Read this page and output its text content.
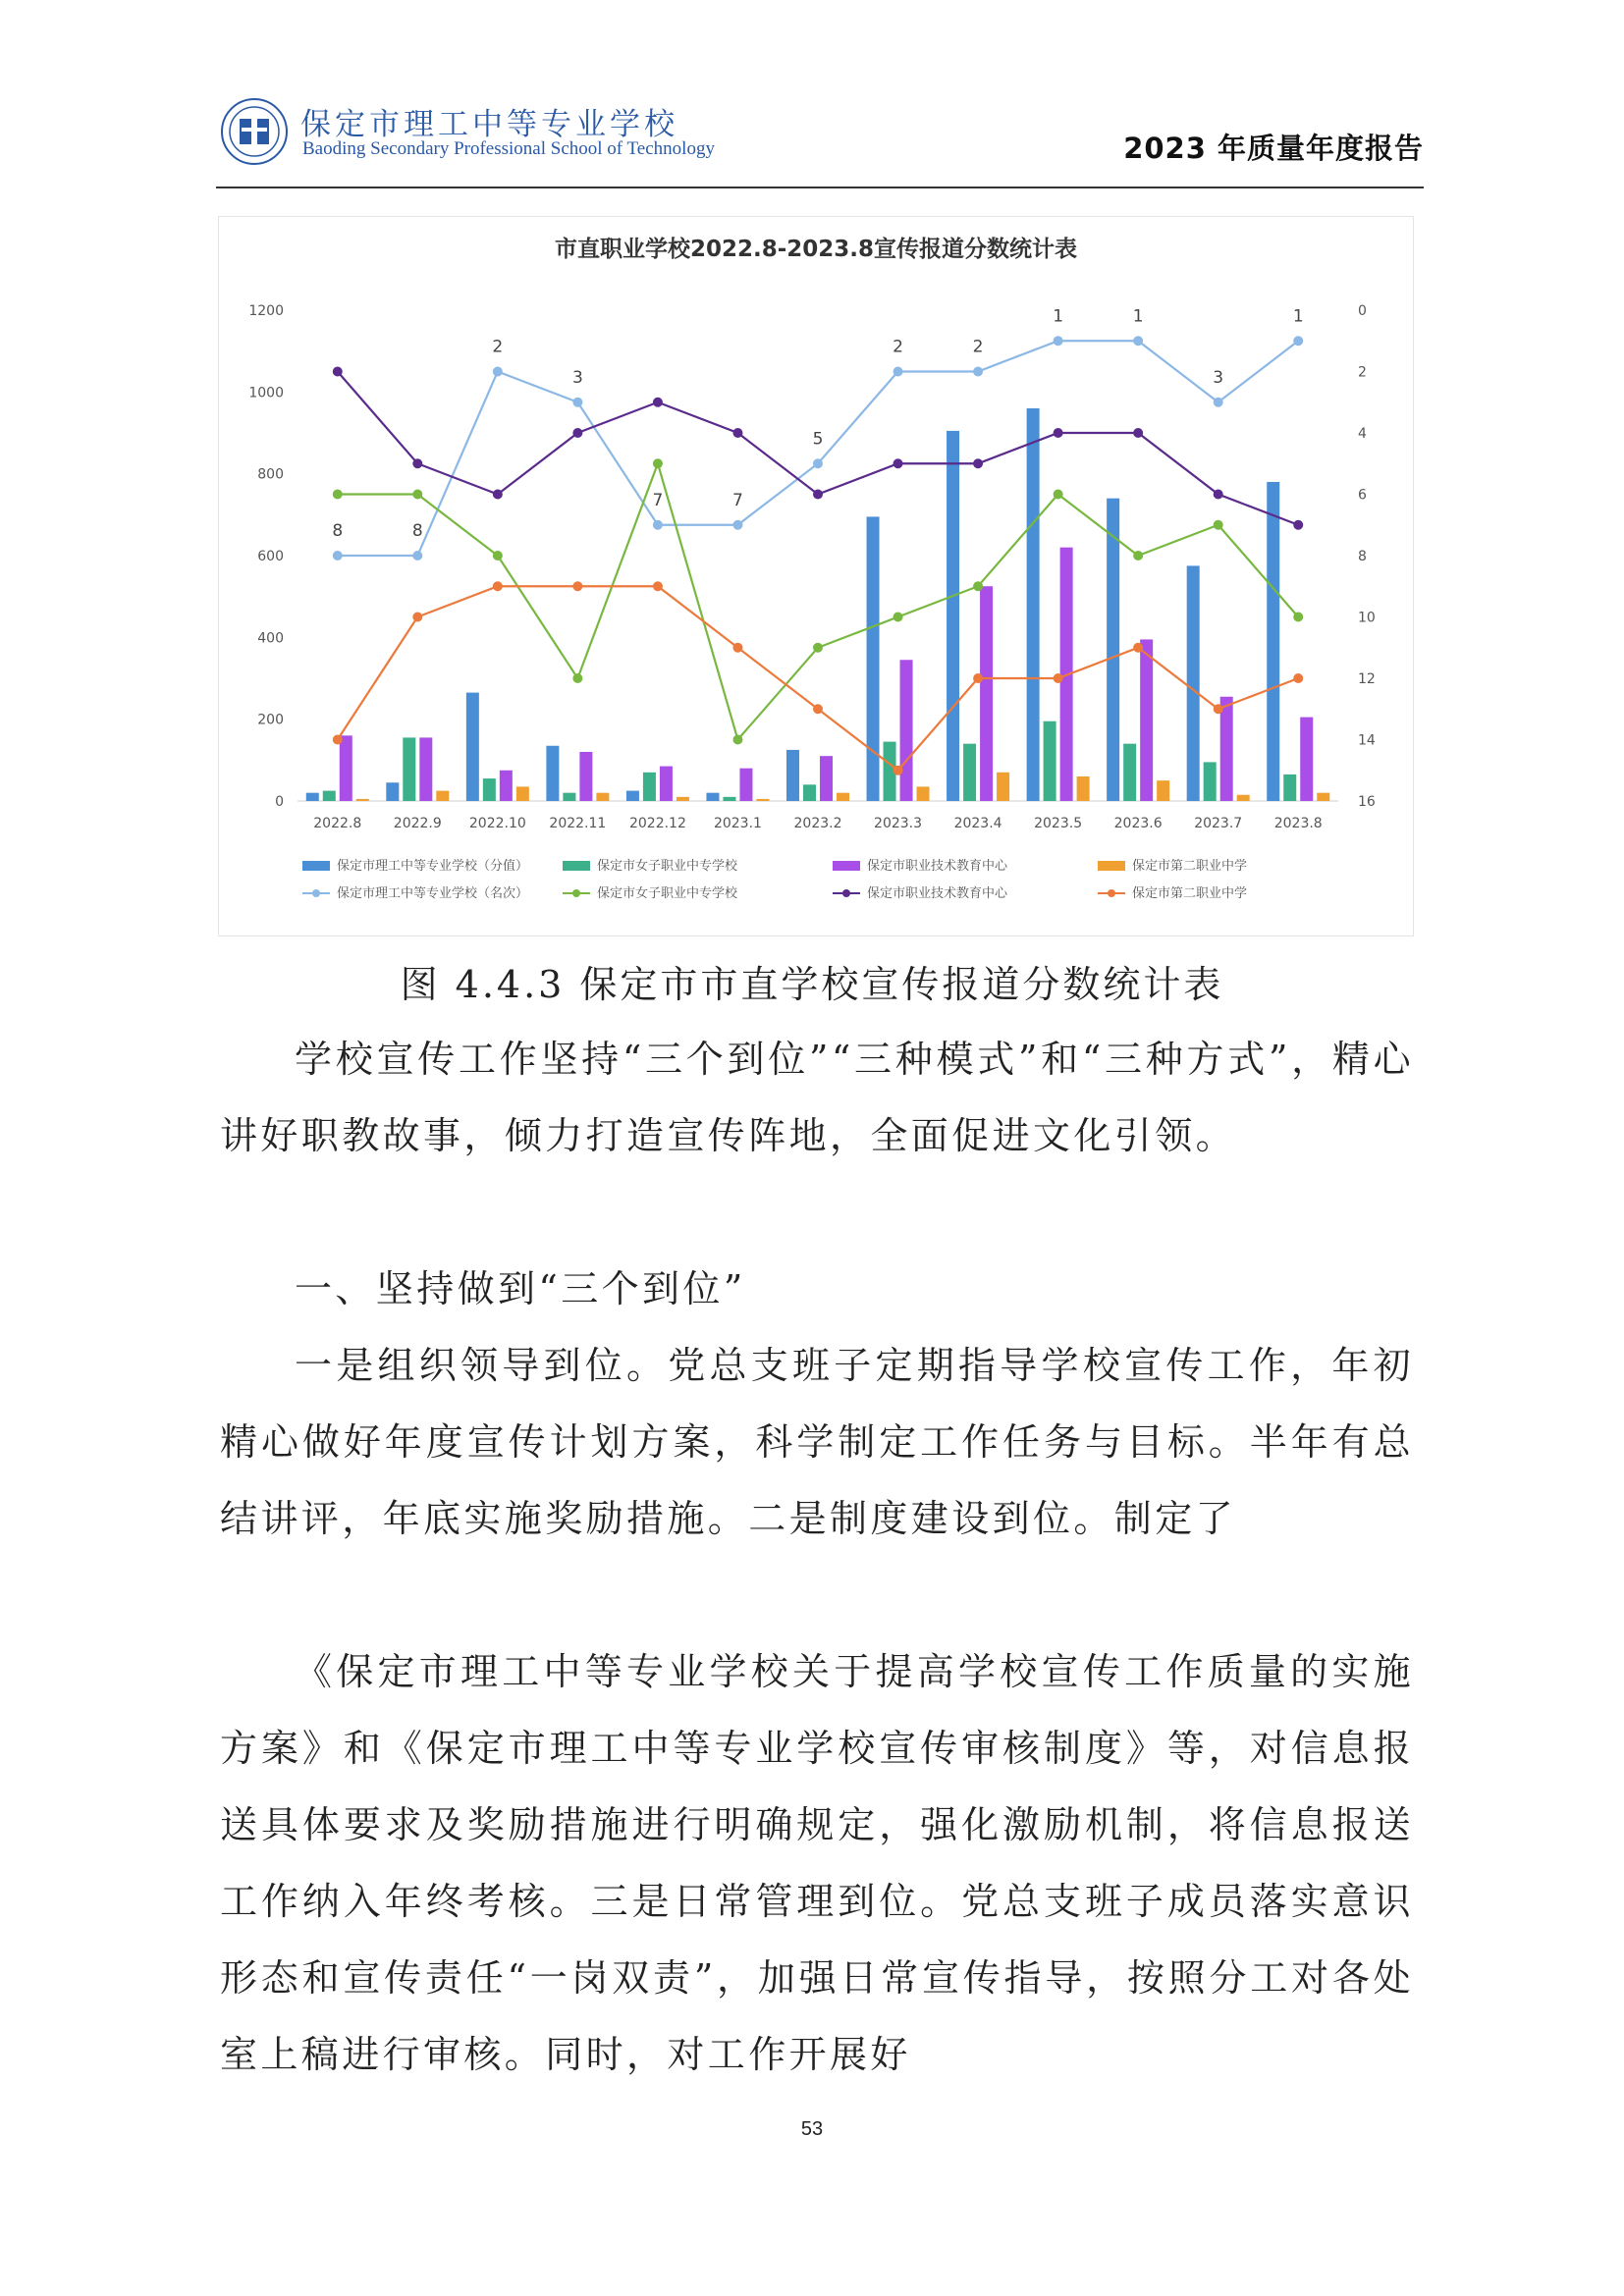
保定市理工中等专业学校
Baoding Secondary Professional School of Technology	2023 年质量年度报告
市直职业学校2022.8-2023.8宣传报道分数统计表
0
200
400
600
800
1000
1200	0
2
4
6
8
10
12
14
16
2022.8 2022.9 2022.10 2022.11 2022.12 2023.1 2023.2 2023.3 2023.4 2023.5 2023.6 2023.7 2023.8
8	8
2
3
7	7
5
2	2
1	1
3
1
保定市理工中等专业学校（分值）	保定市女子职业中专学校	保定市职业技术教育中心	保定市第二职业中学
保定市理工中等专业学校（名次）	保定市女子职业中专学校	保定市职业技术教育中心	保定市第二职业中学
图 4.4.3 保定市市直学校宣传报道分数统计表
学校宣传工作坚持“三个到位”“三种模式”和“三种方式”，精心讲好职教故事，倾力打造宣传阵地，全面促进文化引领。
一、坚持做到“三个到位”
一是组织领导到位。党总支班子定期指导学校宣传工作，年初精心做好年度宣传计划方案，科学制定工作任务与目标。半年有总结讲评，年底实施奖励措施。二是制度建设到位。制定了
《保定市理工中等专业学校关于提高学校宣传工作质量的实施方案》和《保定市理工中等专业学校宣传审核制度》等，对信息报送具体要求及奖励措施进行明确规定，强化激励机制，将信息报送工作纳入年终考核。三是日常管理到位。党总支班子成员落实意识形态和宣传责任“一岗双责”，加强日常宣传指导，按照分工对各处室上稿进行审核。同时，对工作开展好
53
